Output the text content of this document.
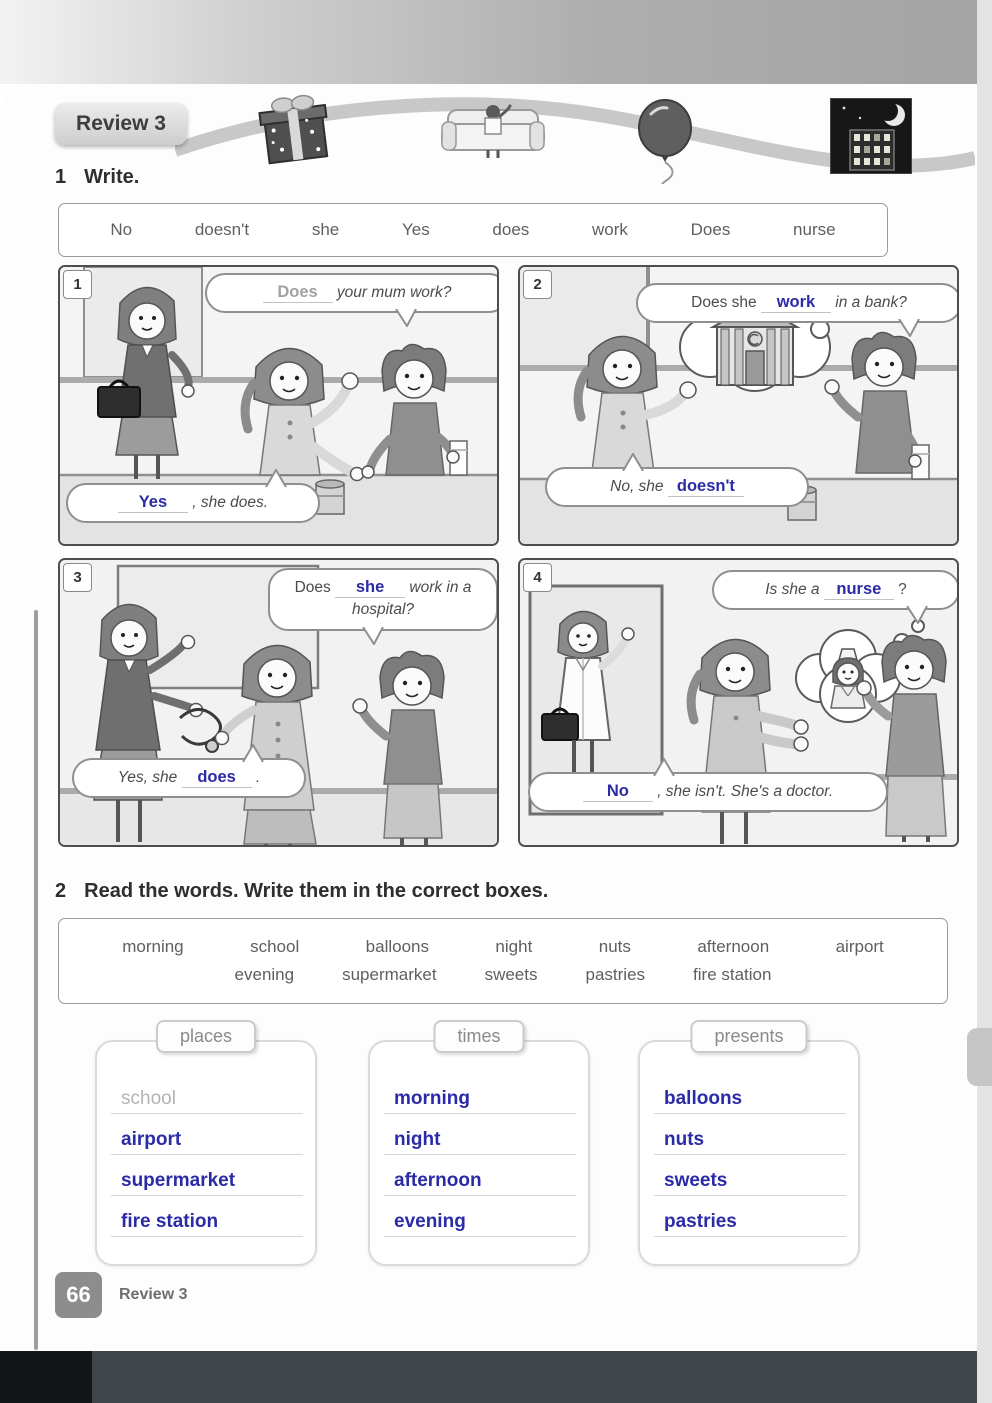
Review 3
1 Write.
No	doesn't	she	Yes	does	work	Does	nurse
1	Does your mum work?
Yes , she does.
2
Does she work in a bank?
No, she doesn't
3
Does she work in a hospital?
Yes, she does .
4
Is she a nurse ?
No , she isn't. She's a doctor.
2 Read the words. Write them in the correct boxes.
morning	school	balloons	night	nuts	afternoon	airport
evening	supermarket	sweets	pastries	fire station
places
school
airport
supermarket
fire station
times
morning
night
afternoon
evening
presents
balloons
nuts
sweets
pastries
66	Review 3
